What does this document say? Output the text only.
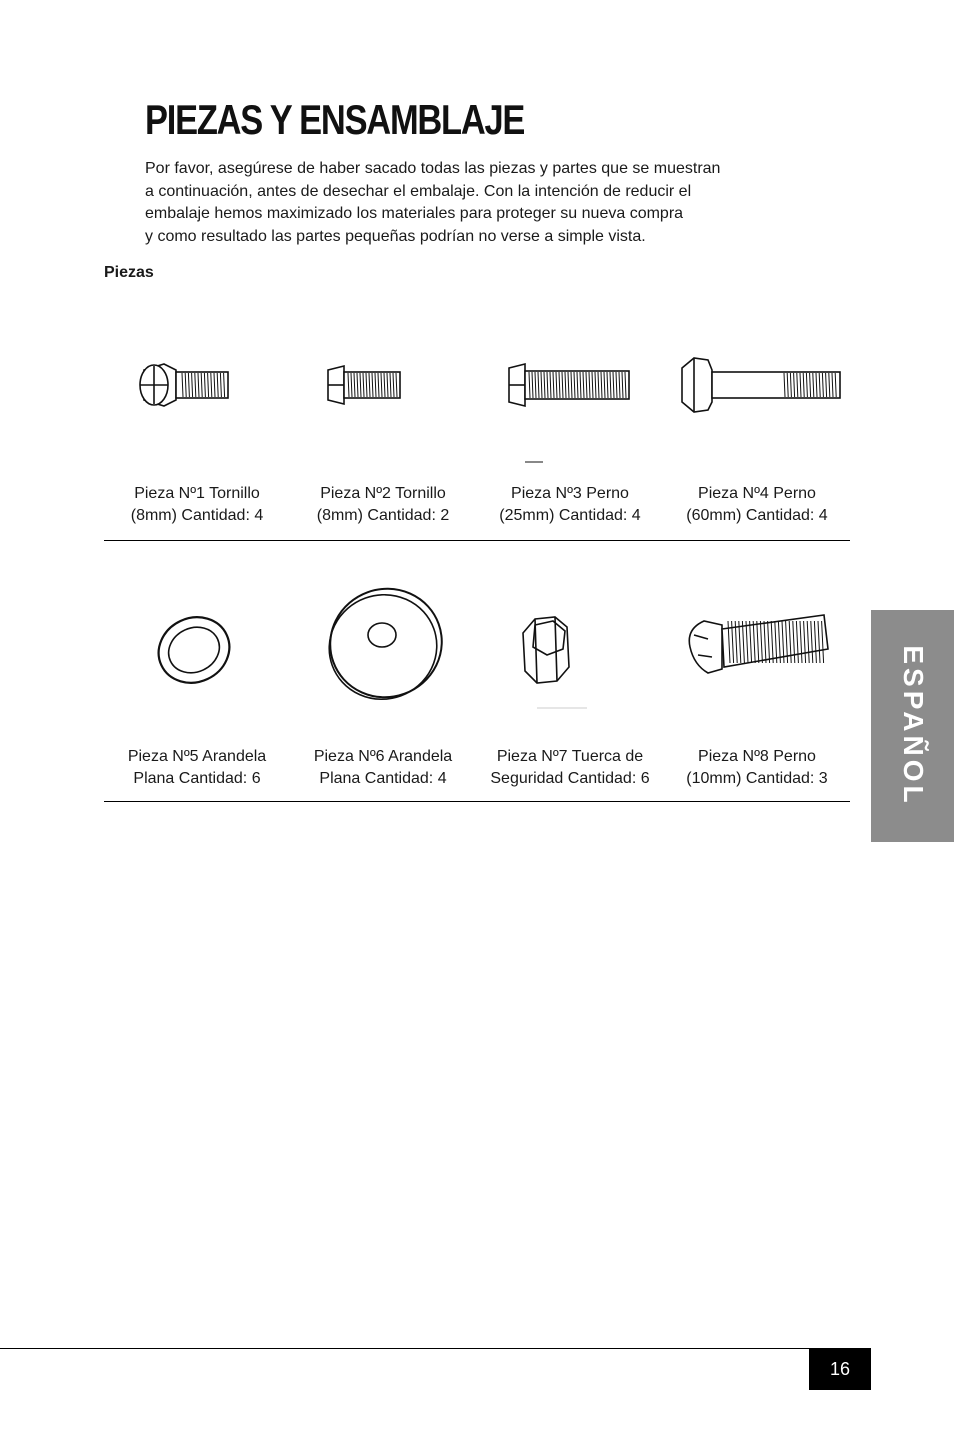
PIEZAS Y ENSAMBLAJE

Por favor, asegúrese de haber sacado todas las piezas y partes que se muestran
a continuación, antes de desechar el embalaje. Con la intención de reducir el
embalaje hemos maximizado los materiales para proteger su nueva compra
y como resultado las partes pequeñas podrían no verse a simple vista.

Piezas
Pieza Nº1 Tornillo
(8mm) Cantidad: 4
Pieza Nº2 Tornillo
(8mm) Cantidad: 2
Pieza Nº3 Perno
(25mm) Cantidad: 4
Pieza Nº4 Perno
(60mm) Cantidad: 4
Pieza Nº5 Arandela
Plana Cantidad: 6
Pieza Nº6 Arandela
Plana Cantidad: 4
Pieza Nº7 Tuerca de
Seguridad Cantidad: 6
Pieza Nº8 Perno
(10mm) Cantidad: 3	ESPAÑOL
16
